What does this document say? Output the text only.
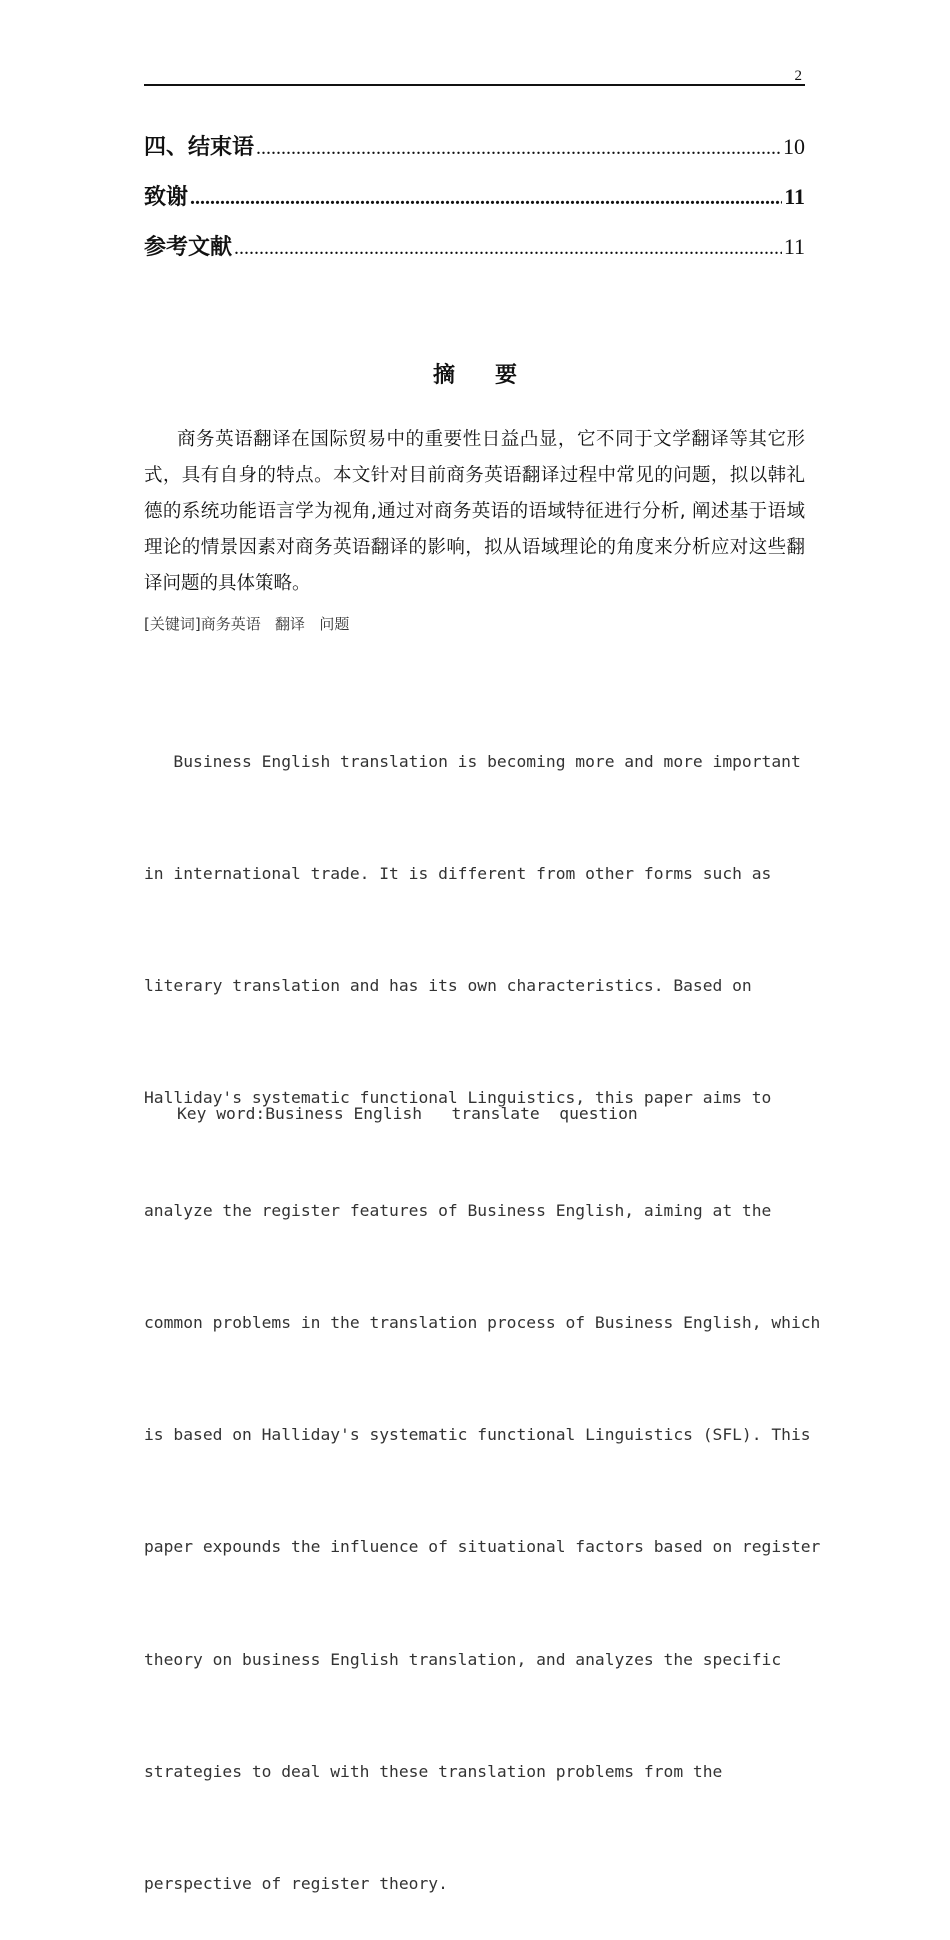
2
四、结束语 .....	10
致谢 .....	11
参考文献 .....	11
摘要

商务英语翻译在国际贸易中的重要性日益凸显，它不同于文学翻译等其它形式，具有自身的特点。本文针对目前商务英语翻译过程中常见的问题，拟以韩礼德的系统功能语言学为视角,通过对商务英语的语域特征进行分析, 阐述基于语域理论的情景因素对商务英语翻译的影响，拟从语域理论的角度来分析应对这些翻译问题的具体策略。

[关键词]商务英语   翻译   问题

Business English translation is becoming more and more important

in international trade. It is different from other forms such as

literary translation and has its own characteristics. Based on

Halliday's systematic functional Linguistics, this paper aims to

analyze the register features of Business English, aiming at the

common problems in the translation process of Business English, which

is based on Halliday's systematic functional Linguistics (SFL). This

paper expounds the influence of situational factors based on register

theory on business English translation, and analyzes the specific

strategies to deal with these translation problems from the

perspective of register theory.

Key word:Business English   translate  question
